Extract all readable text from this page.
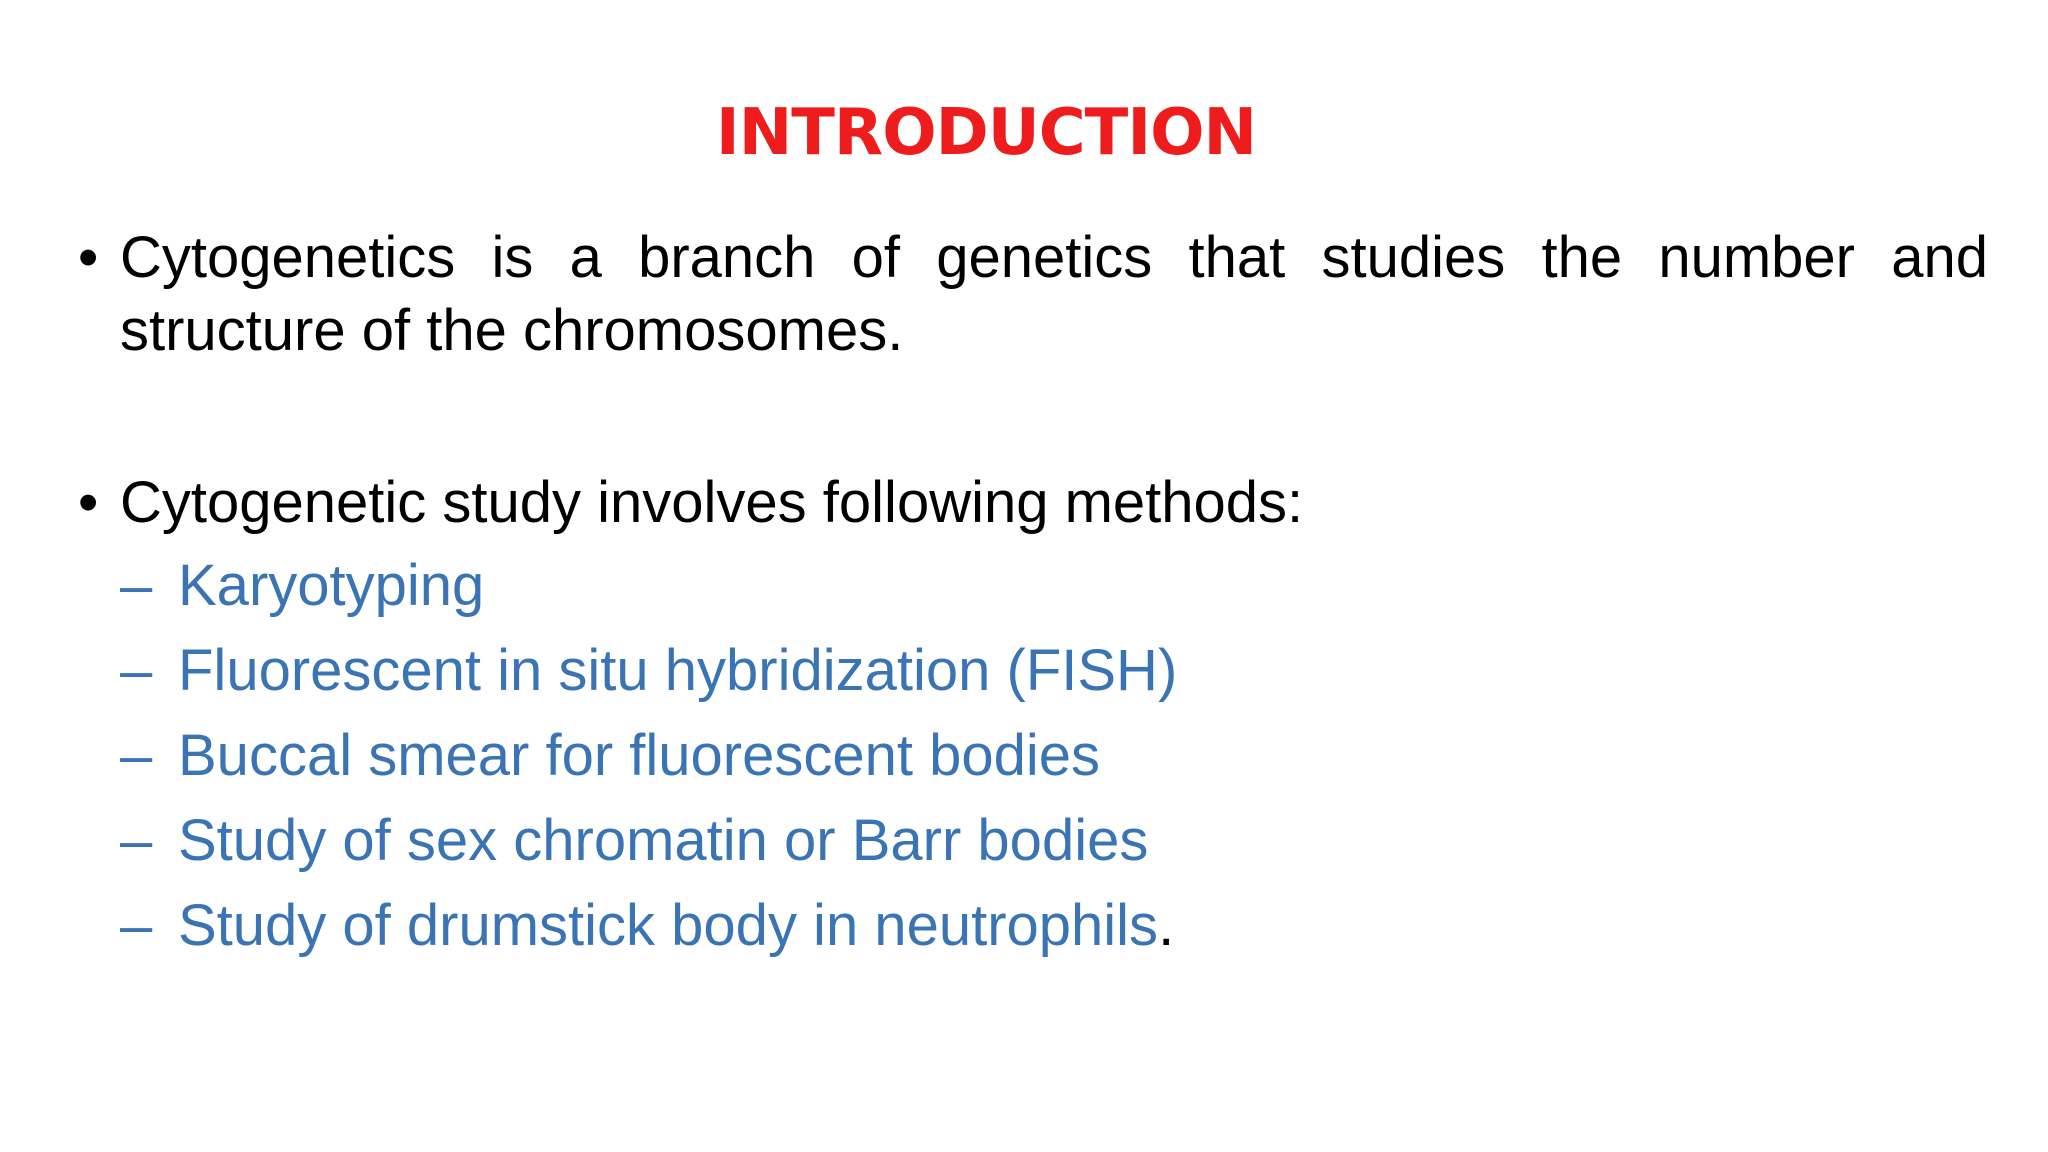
INTRODUCTION
• Cytogenetics is a branch of genetics that studies the number and structure of the chromosomes.
• Cytogenetic study involves following methods:
– Karyotyping
– Fluorescent in situ hybridization (FISH)
– Buccal smear for fluorescent bodies
– Study of sex chromatin or Barr bodies
– Study of drumstick body in neutrophils.
